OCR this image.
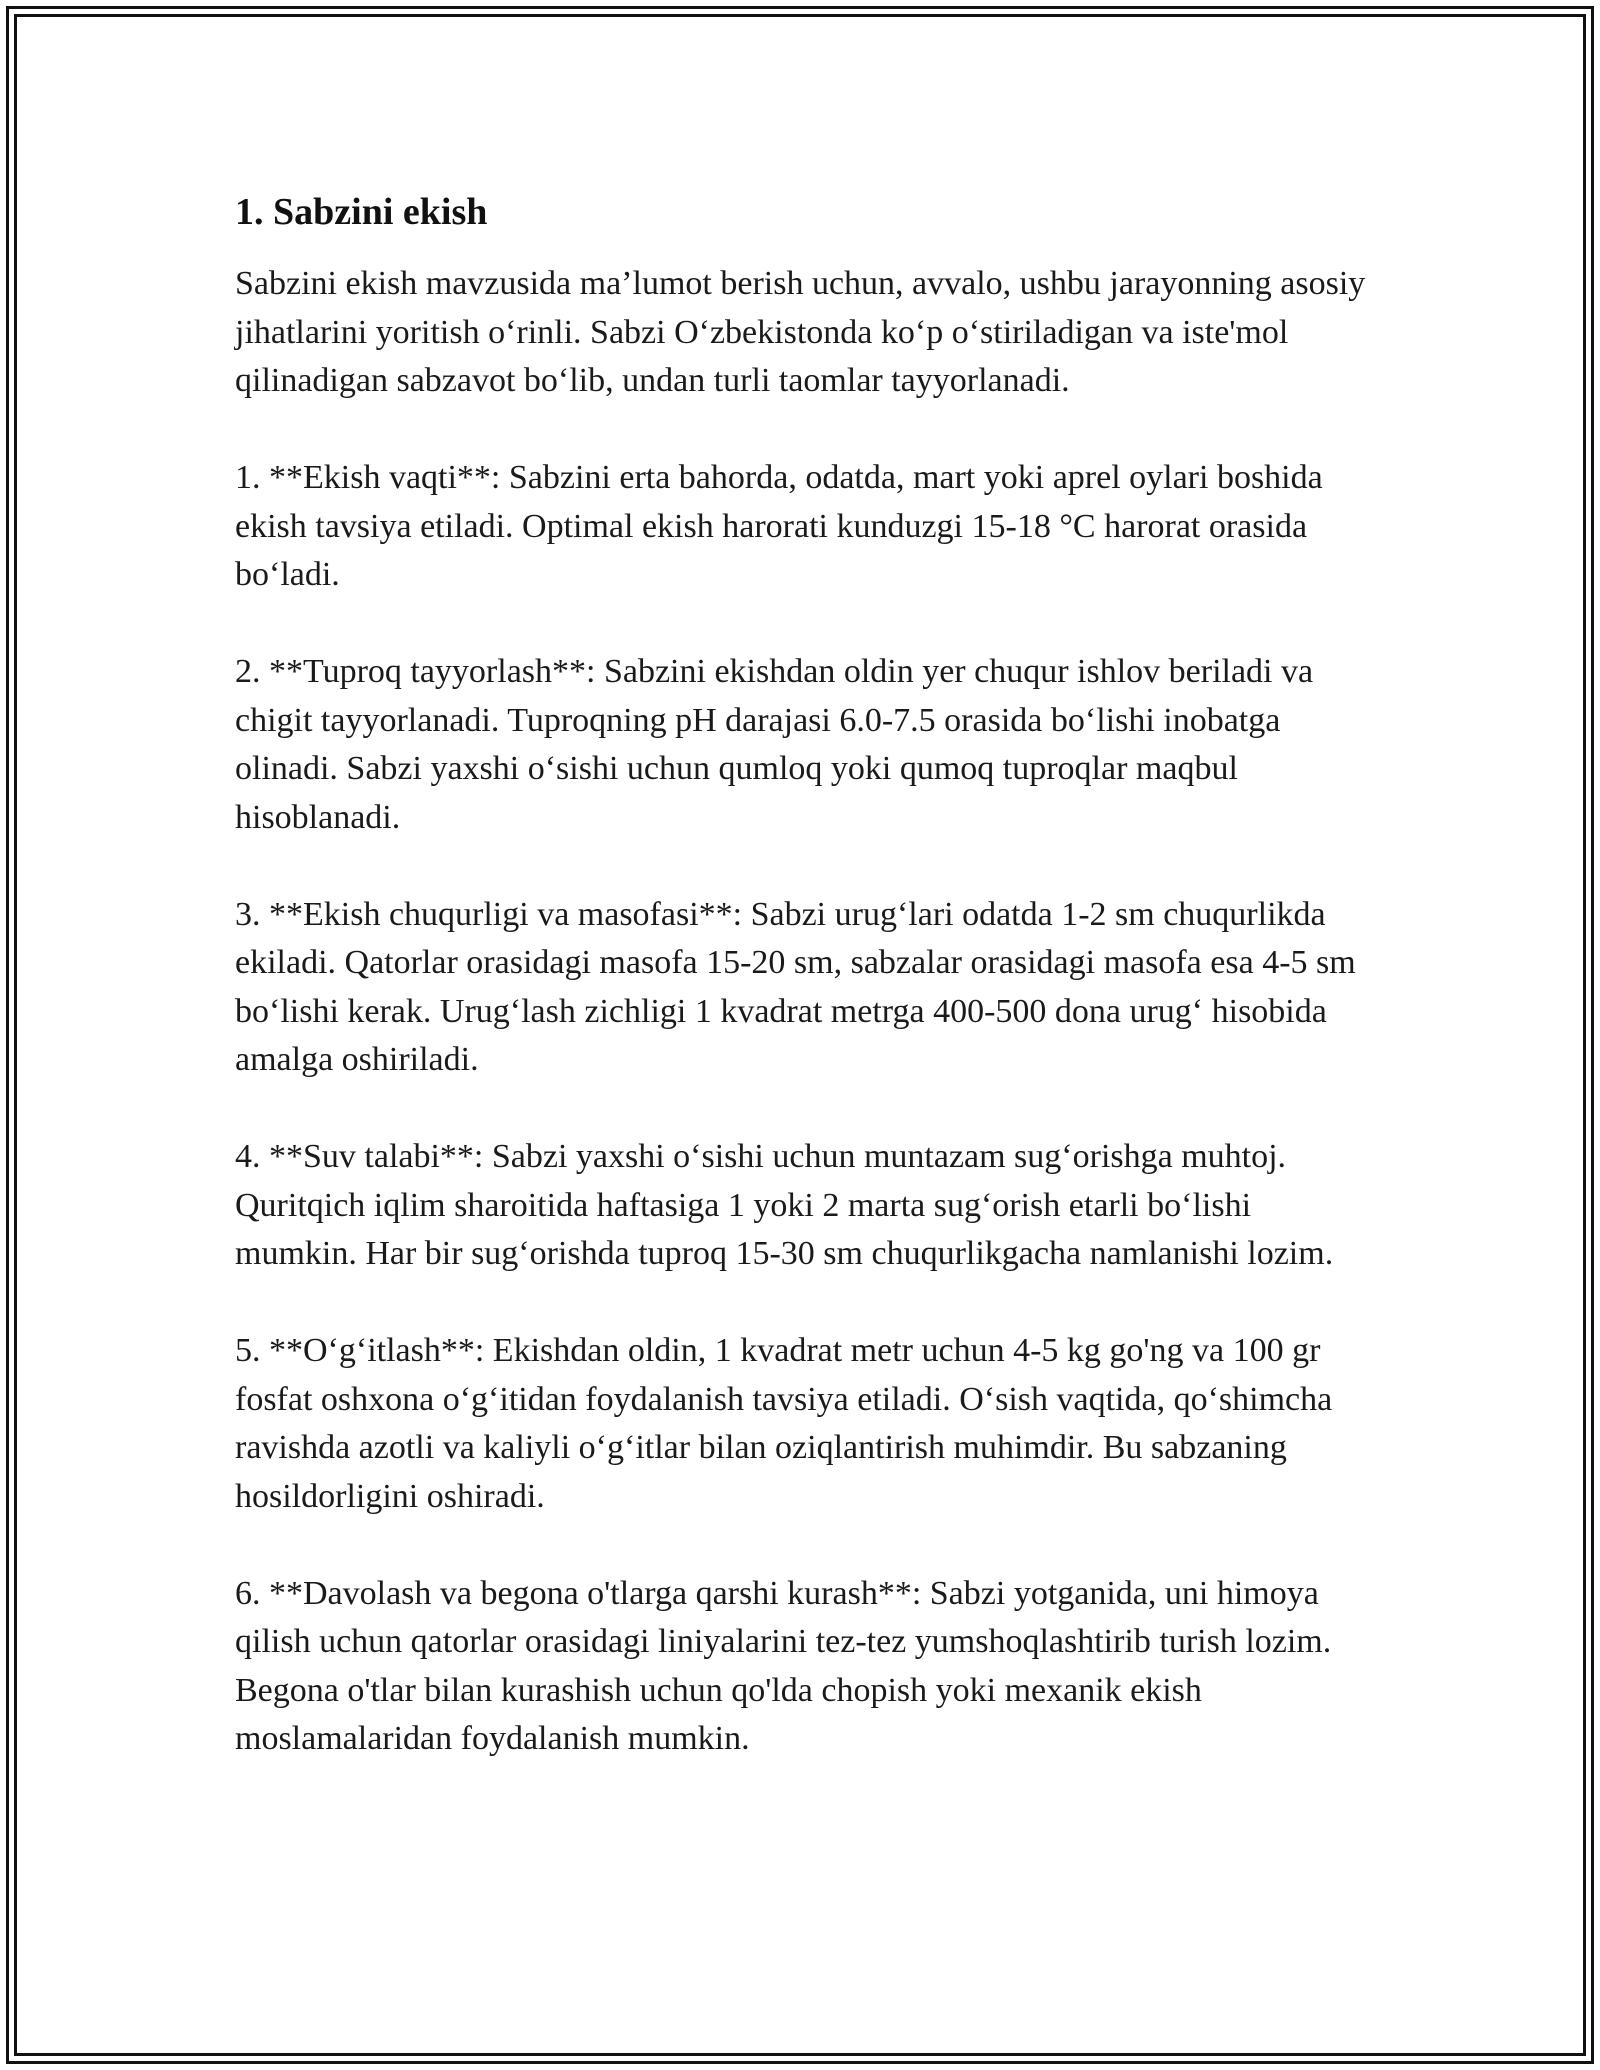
1. Sabzini ekish

Sabzini ekish mavzusida ma’lumot berish uchun, avvalo, ushbu jarayonning asosiy jihatlarini yoritish o‘rinli. Sabzi O‘zbekistonda ko‘p o‘stiriladigan va iste'mol qilinadigan sabzavot bo‘lib, undan turli taomlar tayyorlanadi.

1. **Ekish vaqti**: Sabzini erta bahorda, odatda, mart yoki aprel oylari boshida ekish tavsiya etiladi. Optimal ekish harorati kunduzgi 15-18 °C harorat orasida bo‘ladi.

2. **Tuproq tayyorlash**: Sabzini ekishdan oldin yer chuqur ishlov beriladi va chigit tayyorlanadi. Tuproqning pH darajasi 6.0-7.5 orasida bo‘lishi inobatga olinadi. Sabzi yaxshi o‘sishi uchun qumloq yoki qumoq tuproqlar maqbul hisoblanadi.

3. **Ekish chuqurligi va masofasi**: Sabzi urug‘lari odatda 1-2 sm chuqurlikda ekiladi. Qatorlar orasidagi masofa 15-20 sm, sabzalar orasidagi masofa esa 4-5 sm bo‘lishi kerak. Urug‘lash zichligi 1 kvadrat metrga 400-500 dona urug‘ hisobida amalga oshiriladi.

4. **Suv talabi**: Sabzi yaxshi o‘sishi uchun muntazam sug‘orishga muhtoj. Quritqich iqlim sharoitida haftasiga 1 yoki 2 marta sug‘orish etarli bo‘lishi mumkin. Har bir sug‘orishda tuproq 15-30 sm chuqurlikgacha namlanishi lozim.

5. **O‘g‘itlash**: Ekishdan oldin, 1 kvadrat metr uchun 4-5 kg go'ng va 100 gr fosfat oshxona o‘g‘itidan foydalanish tavsiya etiladi. O‘sish vaqtida, qo‘shimcha ravishda azotli va kaliyli o‘g‘itlar bilan oziqlantirish muhimdir. Bu sabzaning hosildorligini oshiradi.

6. **Davolash va begona o'tlarga qarshi kurash**: Sabzi yotganida, uni himoya qilish uchun qatorlar orasidagi liniyalarini tez-tez yumshoqlashtirib turish lozim. Begona o'tlar bilan kurashish uchun qo'lda chopish yoki mexanik ekish moslamalaridan foydalanish mumkin.
